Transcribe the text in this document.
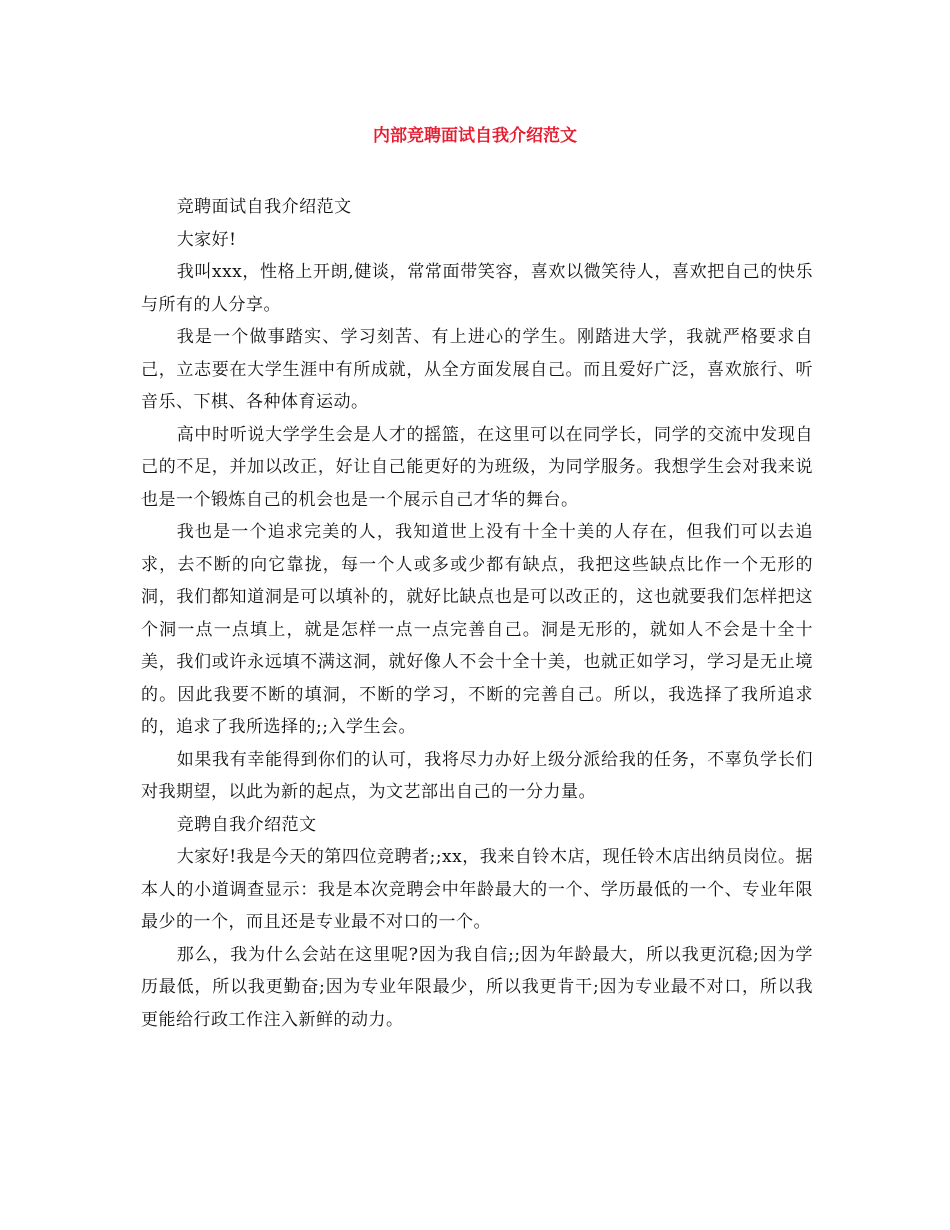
内部竞聘面试自我介绍范文

竞聘面试自我介绍范文

大家好!

我叫xxx，性格上开朗,健谈，常常面带笑容，喜欢以微笑待人，喜欢把自己的快乐与所有的人分享。

我是一个做事踏实、学习刻苦、有上进心的学生。刚踏进大学，我就严格要求自己，立志要在大学生涯中有所成就，从全方面发展自己。而且爱好广泛，喜欢旅行、听音乐、下棋、各种体育运动。

高中时听说大学学生会是人才的摇篮，在这里可以在同学长，同学的交流中发现自己的不足，并加以改正，好让自己能更好的为班级，为同学服务。我想学生会对我来说也是一个锻炼自己的机会也是一个展示自己才华的舞台。

我也是一个追求完美的人，我知道世上没有十全十美的人存在，但我们可以去追求，去不断的向它靠拢，每一个人或多或少都有缺点，我把这些缺点比作一个无形的洞，我们都知道洞是可以填补的，就好比缺点也是可以改正的，这也就要我们怎样把这个洞一点一点填上，就是怎样一点一点完善自己。洞是无形的，就如人不会是十全十美，我们或许永远填不满这洞，就好像人不会十全十美，也就正如学习，学习是无止境的。因此我要不断的填洞，不断的学习，不断的完善自己。所以，我选择了我所追求的，追求了我所选择的;;入学生会。

如果我有幸能得到你们的认可，我将尽力办好上级分派给我的任务，不辜负学长们对我期望，以此为新的起点，为文艺部出自己的一分力量。

竞聘自我介绍范文

大家好!我是今天的第四位竞聘者;;xx，我来自铃木店，现任铃木店出纳员岗位。据本人的小道调查显示：我是本次竞聘会中年龄最大的一个、学历最低的一个、专业年限最少的一个，而且还是专业最不对口的一个。

那么，我为什么会站在这里呢?因为我自信;;因为年龄最大，所以我更沉稳;因为学历最低，所以我更勤奋;因为专业年限最少，所以我更肯干;因为专业最不对口，所以我更能给行政工作注入新鲜的动力。
